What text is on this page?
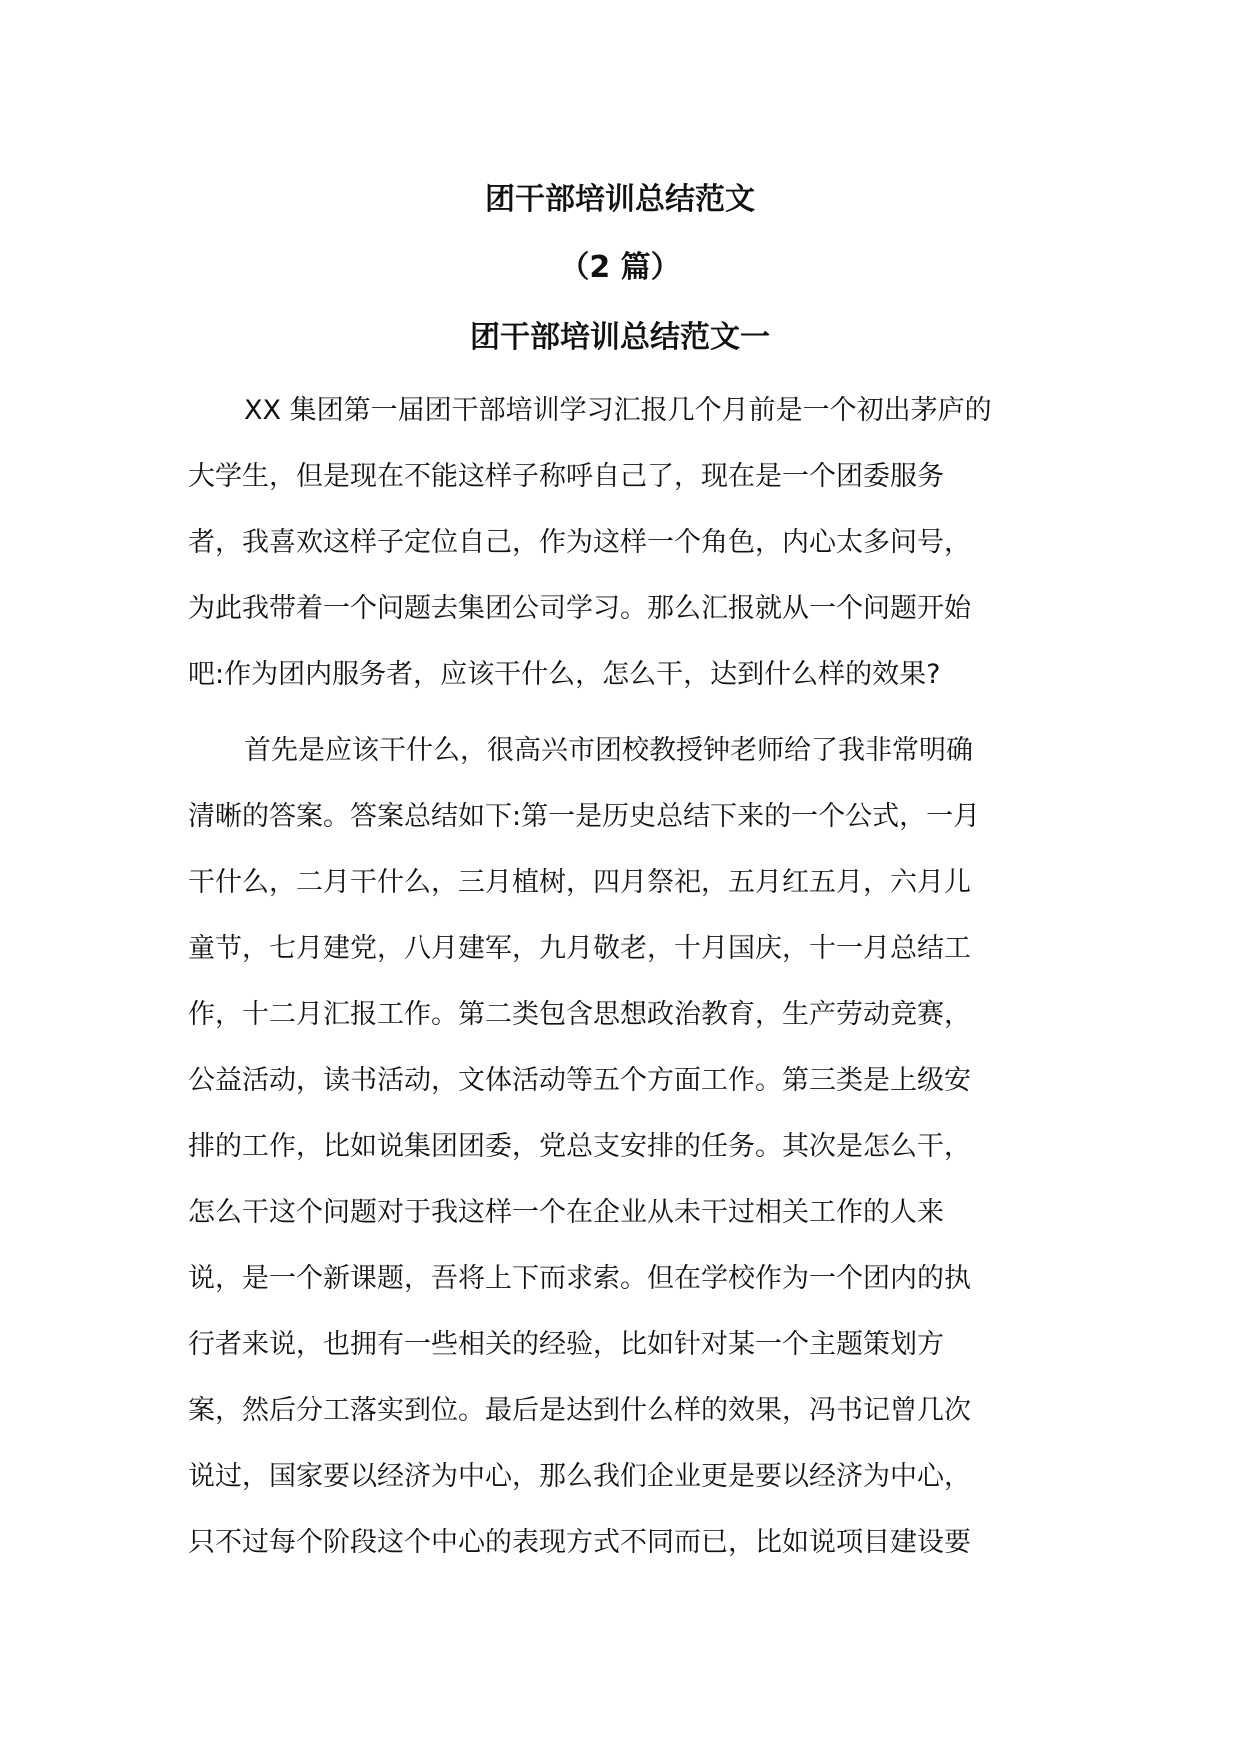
团干部培训总结范文
（2 篇）
团干部培训总结范文一
XX 集团第一届团干部培训学习汇报几个月前是一个初出茅庐的
大学生，但是现在不能这样子称呼自己了，现在是一个团委服务
者，我喜欢这样子定位自己，作为这样一个角色，内心太多问号，
为此我带着一个问题去集团公司学习。那么汇报就从一个问题开始
吧:作为团内服务者，应该干什么，怎么干，达到什么样的效果?
首先是应该干什么，很高兴市团校教授钟老师给了我非常明确
清晰的答案。答案总结如下:第一是历史总结下来的一个公式，一月
干什么，二月干什么，三月植树，四月祭祀，五月红五月，六月儿
童节，七月建党，八月建军，九月敬老，十月国庆，十一月总结工
作，十二月汇报工作。第二类包含思想政治教育，生产劳动竞赛，
公益活动，读书活动，文体活动等五个方面工作。第三类是上级安
排的工作，比如说集团团委，党总支安排的任务。其次是怎么干，
怎么干这个问题对于我这样一个在企业从未干过相关工作的人来
说，是一个新课题，吾将上下而求索。但在学校作为一个团内的执
行者来说，也拥有一些相关的经验，比如针对某一个主题策划方
案，然后分工落实到位。最后是达到什么样的效果，冯书记曾几次
说过，国家要以经济为中心，那么我们企业更是要以经济为中心，
只不过每个阶段这个中心的表现方式不同而已，比如说项目建设要
